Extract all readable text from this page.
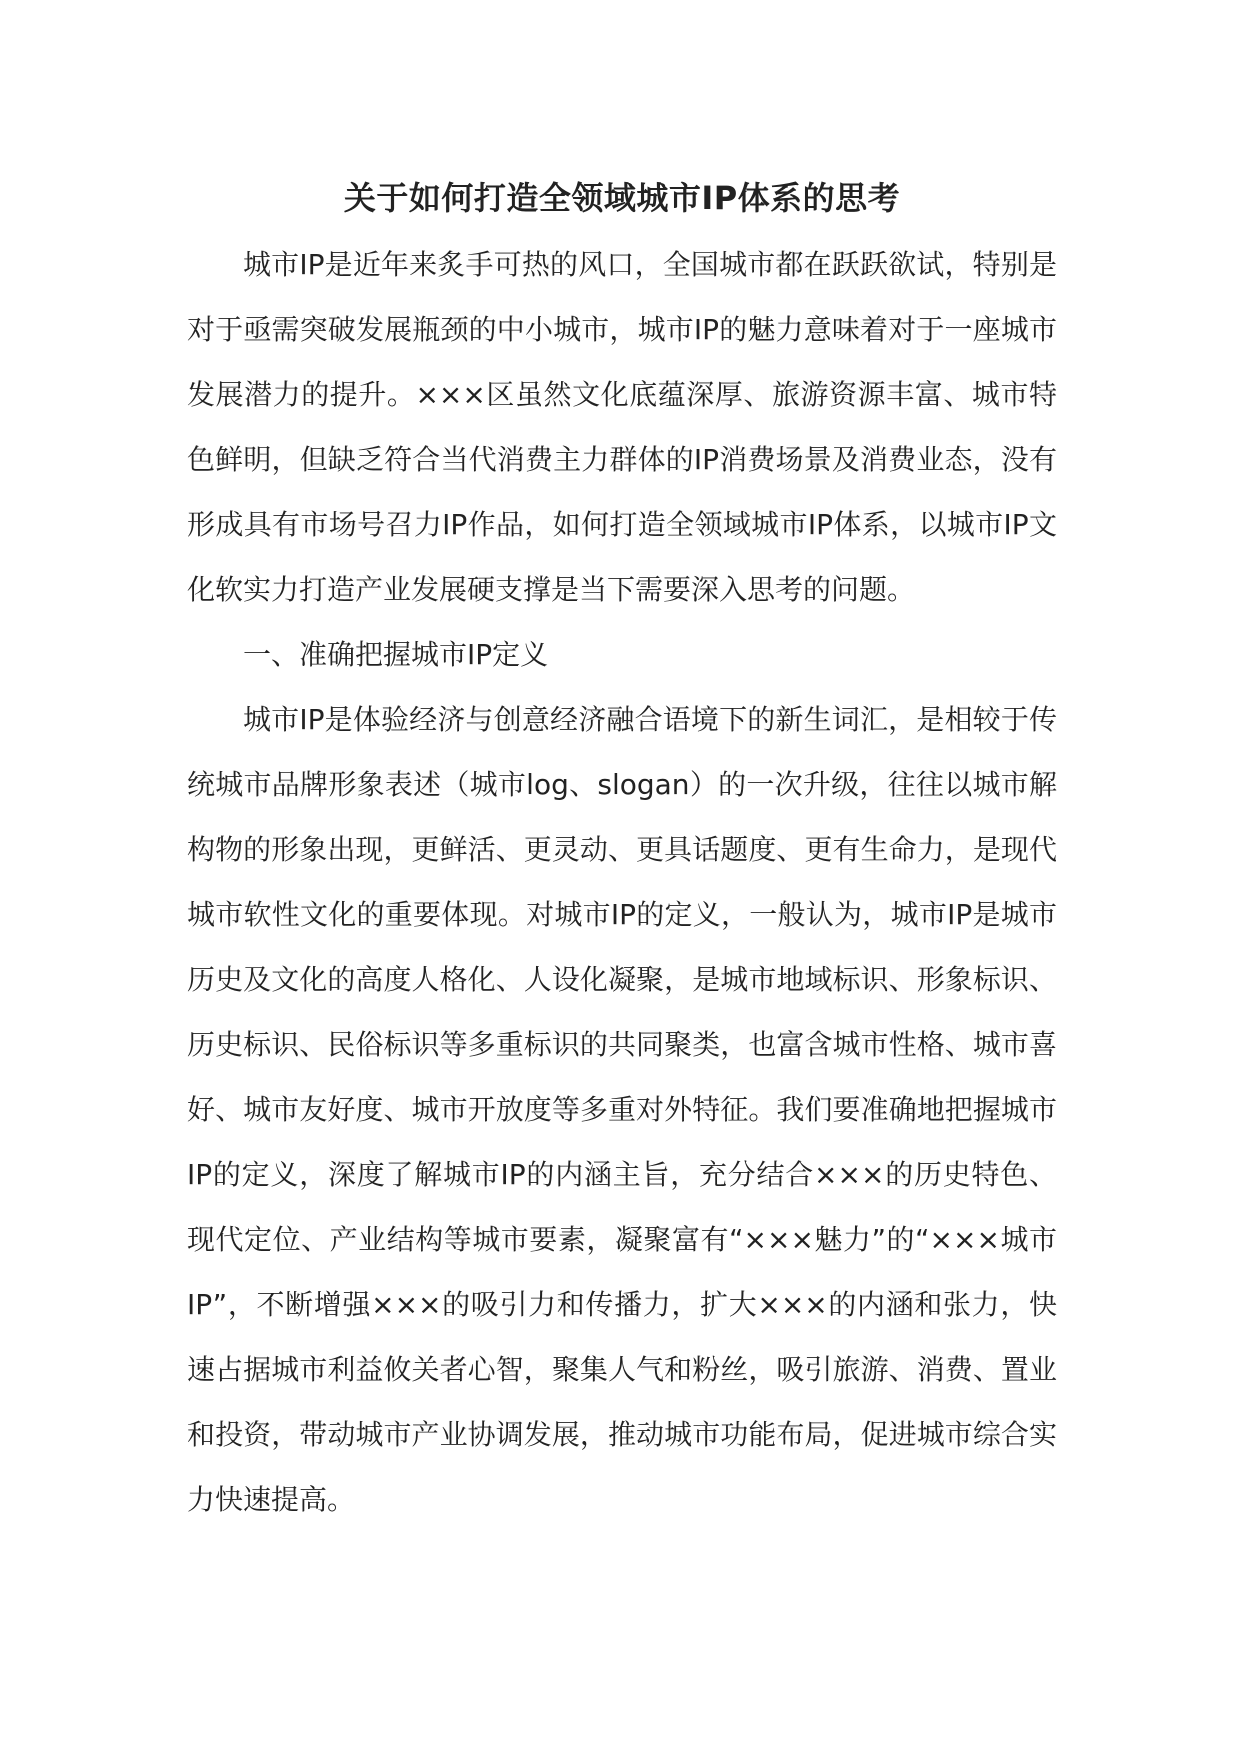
关于如何打造全领域城市IP体系的思考

城市IP是近年来炙手可热的风口，全国城市都在跃跃欲试，特别是对于亟需突破发展瓶颈的中小城市，城市IP的魅力意味着对于一座城市发展潜力的提升。×××区虽然文化底蕴深厚、旅游资源丰富、城市特色鲜明，但缺乏符合当代消费主力群体的IP消费场景及消费业态，没有形成具有市场号召力IP作品，如何打造全领域城市IP体系，以城市IP文化软实力打造产业发展硬支撑是当下需要深入思考的问题。

一、准确把握城市IP定义

城市IP是体验经济与创意经济融合语境下的新生词汇，是相较于传统城市品牌形象表述（城市log、slogan）的一次升级，往往以城市解构物的形象出现，更鲜活、更灵动、更具话题度、更有生命力，是现代城市软性文化的重要体现。对城市IP的定义，一般认为，城市IP是城市历史及文化的高度人格化、人设化凝聚，是城市地域标识、形象标识、历史标识、民俗标识等多重标识的共同聚类，也富含城市性格、城市喜好、城市友好度、城市开放度等多重对外特征。我们要准确地把握城市IP的定义，深度了解城市IP的内涵主旨，充分结合×××的历史特色、现代定位、产业结构等城市要素，凝聚富有“×××魅力”的“×××城市IP”，不断增强×××的吸引力和传播力，扩大×××的内涵和张力，快速占据城市利益攸关者心智，聚集人气和粉丝，吸引旅游、消费、置业和投资，带动城市产业协调发展，推动城市功能布局，促进城市综合实力快速提高。
